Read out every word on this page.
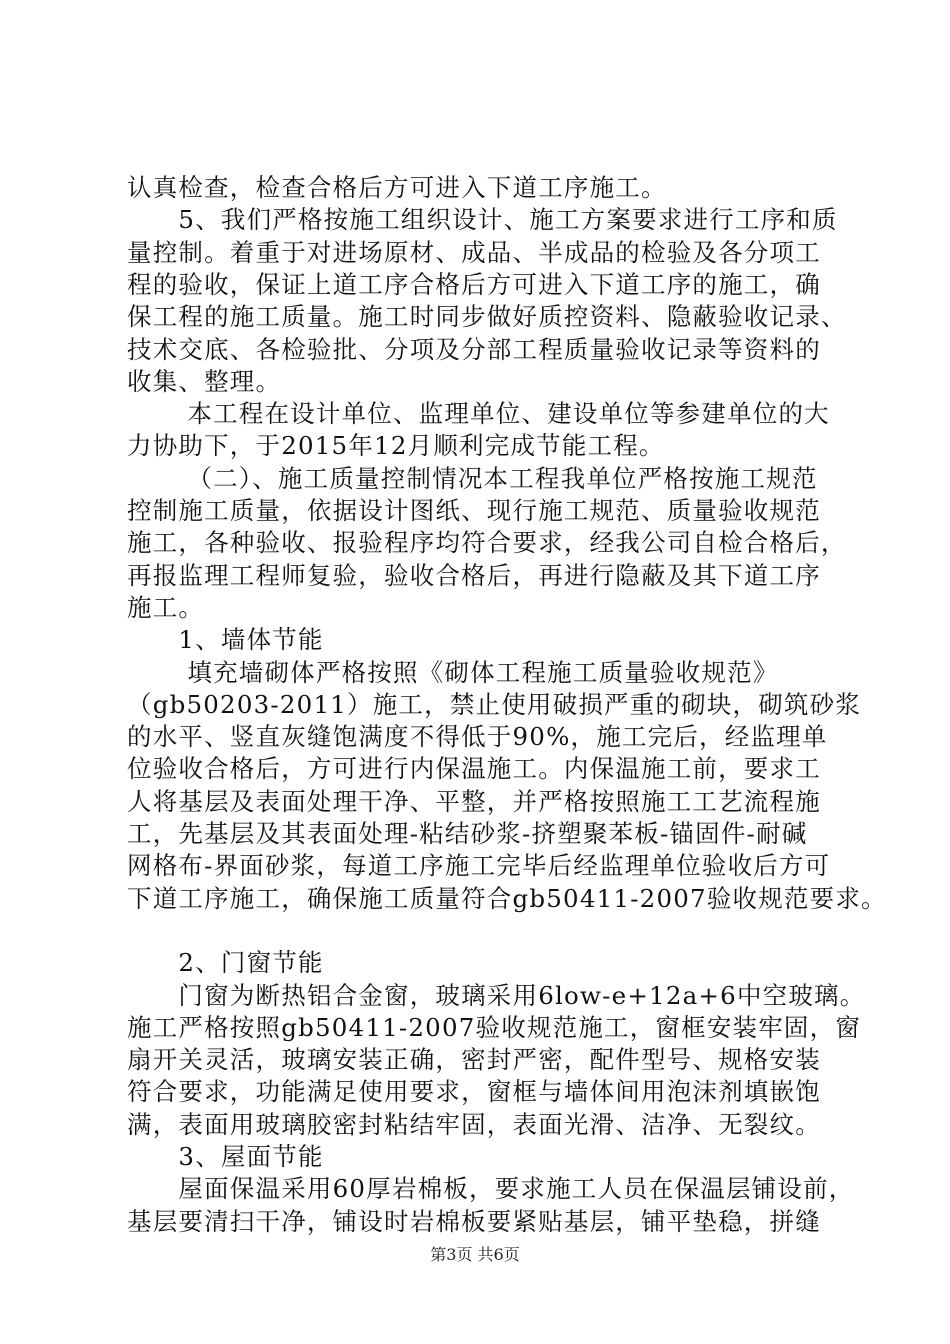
认真检查，检查合格后方可进入下道工序施工。
　　5、我们严格按施工组织设计、施工方案要求进行工序和质
量控制。着重于对进场原材、成品、半成品的检验及各分项工
程的验收，保证上道工序合格后方可进入下道工序的施工，确
保工程的施工质量。施工时同步做好质控资料、隐蔽验收记录、
技术交底、各检验批、分项及分部工程质量验收记录等资料的
收集、整理。
　　 本工程在设计单位、监理单位、建设单位等参建单位的大
力协助下，于2015年12月顺利完成节能工程。
　　 （二）、施工质量控制情况本工程我单位严格按施工规范
控制施工质量，依据设计图纸、现行施工规范、质量验收规范
施工，各种验收、报验程序均符合要求，经我公司自检合格后，
再报监理工程师复验，验收合格后，再进行隐蔽及其下道工序
施工。
　　1、墙体节能
　　 填充墙砌体严格按照《砌体工程施工质量验收规范》
（gb50203-2011）施工，禁止使用破损严重的砌块，砌筑砂浆
的水平、竖直灰缝饱满度不得低于90%，施工完后，经监理单
位验收合格后，方可进行内保温施工。内保温施工前，要求工
人将基层及表面处理干净、平整，并严格按照施工工艺流程施
工，先基层及其表面处理-粘结砂浆-挤塑聚苯板-锚固件-耐碱
网格布-界面砂浆，每道工序施工完毕后经监理单位验收后方可
下道工序施工，确保施工质量符合gb50411-2007验收规范要求。
　　2、门窗节能
　　门窗为断热铝合金窗，玻璃采用6low-e+12a+6中空玻璃。
施工严格按照gb50411-2007验收规范施工，窗框安装牢固，窗
扇开关灵活，玻璃安装正确，密封严密，配件型号、规格安装
符合要求，功能满足使用要求，窗框与墙体间用泡沫剂填嵌饱
满，表面用玻璃胶密封粘结牢固，表面光滑、洁净、无裂纹。
　　3、屋面节能
　　屋面保温采用60厚岩棉板，要求施工人员在保温层铺设前，
基层要清扫干净，铺设时岩棉板要紧贴基层，铺平垫稳，拼缝
第3页 共6页
